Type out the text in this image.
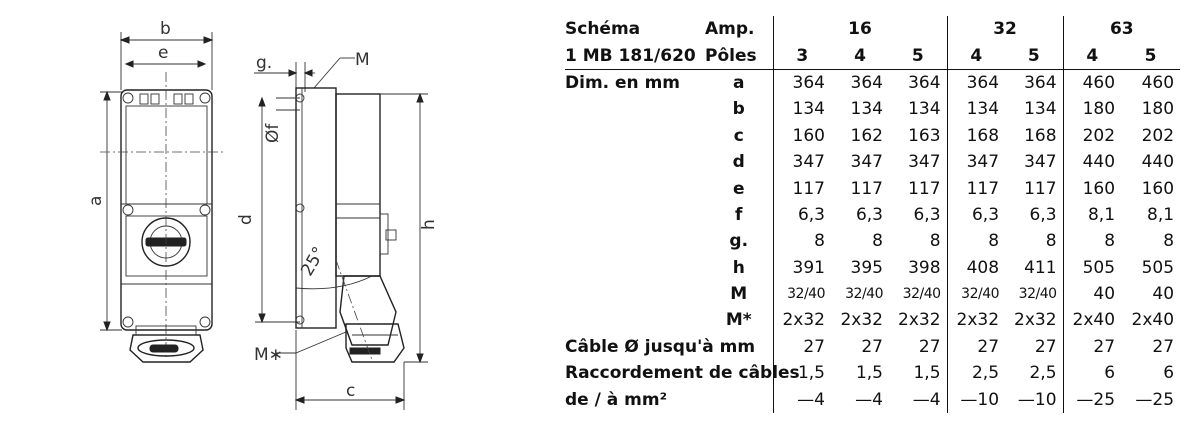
b
e
a
g.	M
Øf
d
25°
h
M∗
c
Schéma	Amp.	16			32		63	
1 MB 181/620	Pôles	3	4	5	4	5	4	5
Dim. en mm	a	364	364	364	364	364	460	460
	b	134	134	134	134	134	180	180
	c	160	162	163	168	168	202	202
	d	347	347	347	347	347	440	440
	e	117	117	117	117	117	160	160
	f	6,3	6,3	6,3	6,3	6,3	8,1	8,1
	g.	8	8	8	8	8	8	8
	h	391	395	398	408	411	505	505
	M	32/40	32/40	32/40	32/40	32/40	40	40
	M*	2x32	2x32	2x32	2x32	2x32	2x40	2x40
Câble Ø jusqu'à mm		27	27	27	27	27	27	27
Raccordement de câbles		1,5	1,5	1,5	2,5	2,5	6	6
de / à mm²		—4	—4	—4	—10	—10	—25	—25
